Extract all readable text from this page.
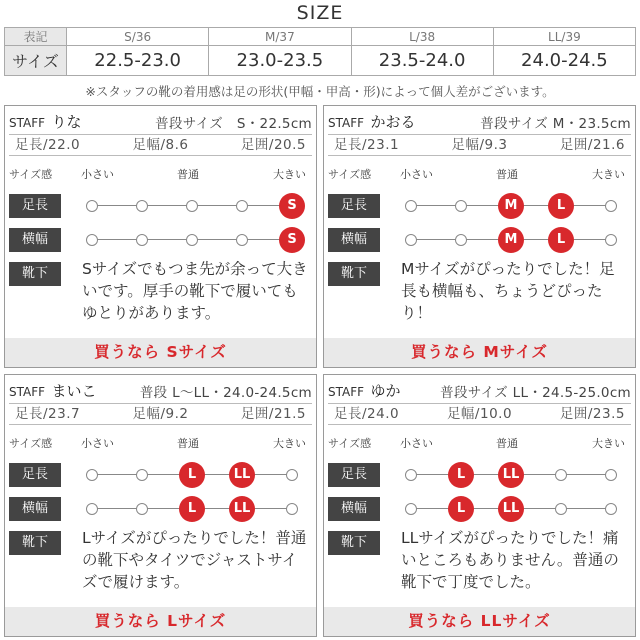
SIZE
表記	S/36	M/37	L/38	LL/39
サイズ	22.5-23.0	23.0-23.5	23.5-24.0	24.0-24.5
※スタッフの靴の着用感は足の形状(甲幅・甲高・形)によって個人差がございます。
STAFF りな	普段サイズ　S・22.5cm
足長/22.0	足幅/8.6	足囲/20.5
サイズ感	小さい	普通	大きい
足長	S
横幅	S
靴下	Sサイズでもつま先が余って大きいです。厚手の靴下で履いてもゆとりがあります。
買うなら Sサイズ
STAFF かおる	普段サイズ M・23.5cm
足長/23.1	足幅/9.3	足囲/21.6
サイズ感	小さい	普通	大きい
足長	M	L
横幅	M	L
靴下	Mサイズがぴったりでした！足長も横幅も、ちょうどぴったり！
買うなら Mサイズ
STAFF まいこ	普段 L〜LL・24.0-24.5cm
足長/23.7	足幅/9.2	足囲/21.5
サイズ感	小さい	普通	大きい
足長	L	LL
横幅	L	LL
靴下	Lサイズがぴったりでした！普通の靴下やタイツでジャストサイズで履けます。
買うなら Lサイズ
STAFF ゆか	普段サイズ LL・24.5-25.0cm
足長/24.0	足幅/10.0	足囲/23.5
サイズ感	小さい	普通	大きい
足長	L	LL
横幅	L	LL
靴下	LLサイズがぴったりでした！痛いところもありません。普通の靴下で丁度でした。
買うなら LLサイズ
